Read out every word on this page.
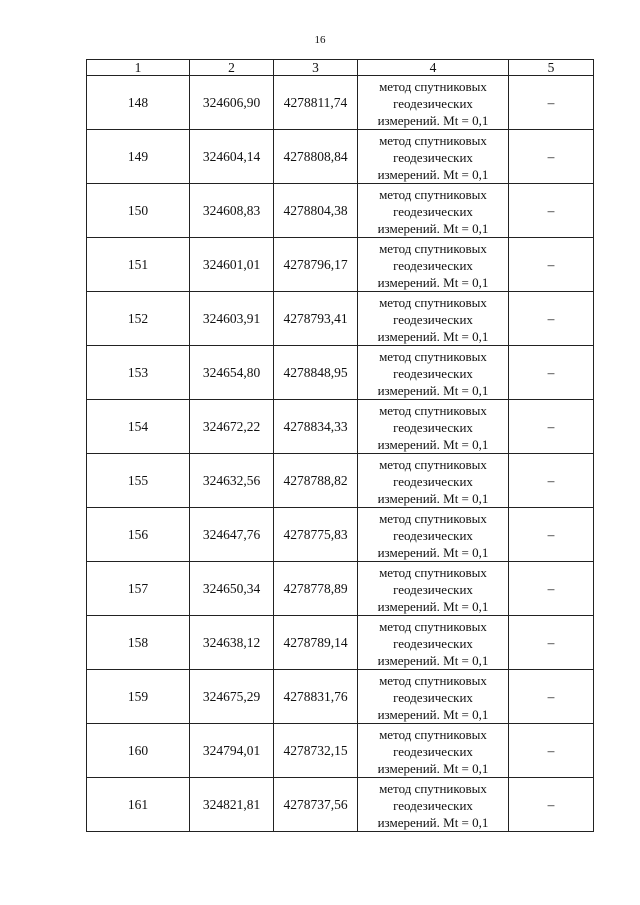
16
1	2	3	4	5
148	324606,90	4278811,74	метод спутниковых
геодезических
измерений. Mt = 0,1	–
149	324604,14	4278808,84	метод спутниковых
геодезических
измерений. Mt = 0,1	–
150	324608,83	4278804,38	метод спутниковых
геодезических
измерений. Mt = 0,1	–
151	324601,01	4278796,17	метод спутниковых
геодезических
измерений. Mt = 0,1	–
152	324603,91	4278793,41	метод спутниковых
геодезических
измерений. Mt = 0,1	–
153	324654,80	4278848,95	метод спутниковых
геодезических
измерений. Mt = 0,1	–
154	324672,22	4278834,33	метод спутниковых
геодезических
измерений. Mt = 0,1	–
155	324632,56	4278788,82	метод спутниковых
геодезических
измерений. Mt = 0,1	–
156	324647,76	4278775,83	метод спутниковых
геодезических
измерений. Mt = 0,1	–
157	324650,34	4278778,89	метод спутниковых
геодезических
измерений. Mt = 0,1	–
158	324638,12	4278789,14	метод спутниковых
геодезических
измерений. Mt = 0,1	–
159	324675,29	4278831,76	метод спутниковых
геодезических
измерений. Mt = 0,1	–
160	324794,01	4278732,15	метод спутниковых
геодезических
измерений. Mt = 0,1	–
161	324821,81	4278737,56	метод спутниковых
геодезических
измерений. Mt = 0,1	–
